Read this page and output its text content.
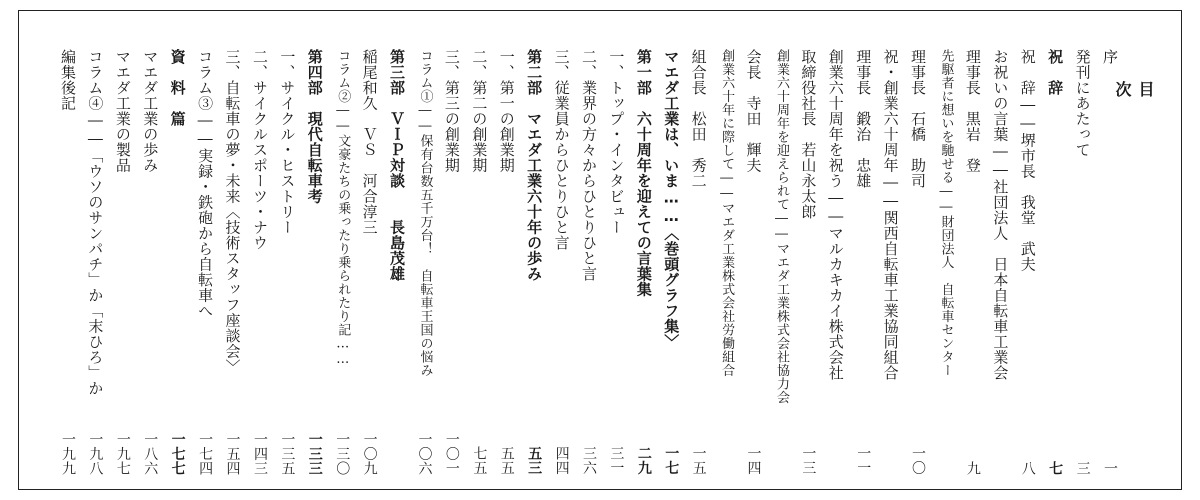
目 次
序
一
発刊にあたって
三
祝　辞
七
祝　辞――堺市長　我堂　武夫
八
お祝いの言葉――社団法人　日本自転車工業会
理事長　黒岩　登
九
先駆者に想いを馳せる――財団法人　自転車センター
理事長　石橋　助司
一〇
祝・創業六十周年――関西自転車工業協同組合
理事長　鍛治　忠雄
一一
創業六十周年を祝う――マルカキカイ株式会社
取締役社長　若山永太郎
一三
創業六十周年を迎えられて――マエダ工業株式会社協力会
会長　寺田　輝夫
一四
創業六十年に際して――マエダ工業株式会社労働組合
組合長　松田　秀二
一五
マエダ工業は、いま……〈巻頭グラフ集〉
一七
第一部　六十周年を迎えての言葉集
二九
一、トップ・インタビュー
三一
二、業界の方々からひとりひと言
三六
三、従業員からひとりひと言
四四
第二部　マエダ工業六十年の歩み
五三
一、第一の創業期
五五
二、第二の創業期
七五
三、第三の創業期
一〇一
コラム①――保有台数五千万台！　自転車王国の悩み
一〇六
第三部　ＶＩＰ対談　　長島茂雄
稲尾和久　ＶＳ　河合淳三
一〇九
コラム②――文豪たちの乗ったり乗られたり記……
一三〇
第四部　現代自転車考
一三三
一、サイクル・ヒストリー
一三五
二、サイクルスポーツ・ナウ
一四三
三、自転車の夢・未来〈技術スタッフ座談会〉
一五四
コラム③――実録・鉄砲から自転車へ
一七四
資　料　篇
一七七
マエダ工業の歩み
一八六
マエダ工業の製品
一九七
コラム④――「ウソのサンパチ」か「末ひろ」か
一九八
編集後記
一九九
